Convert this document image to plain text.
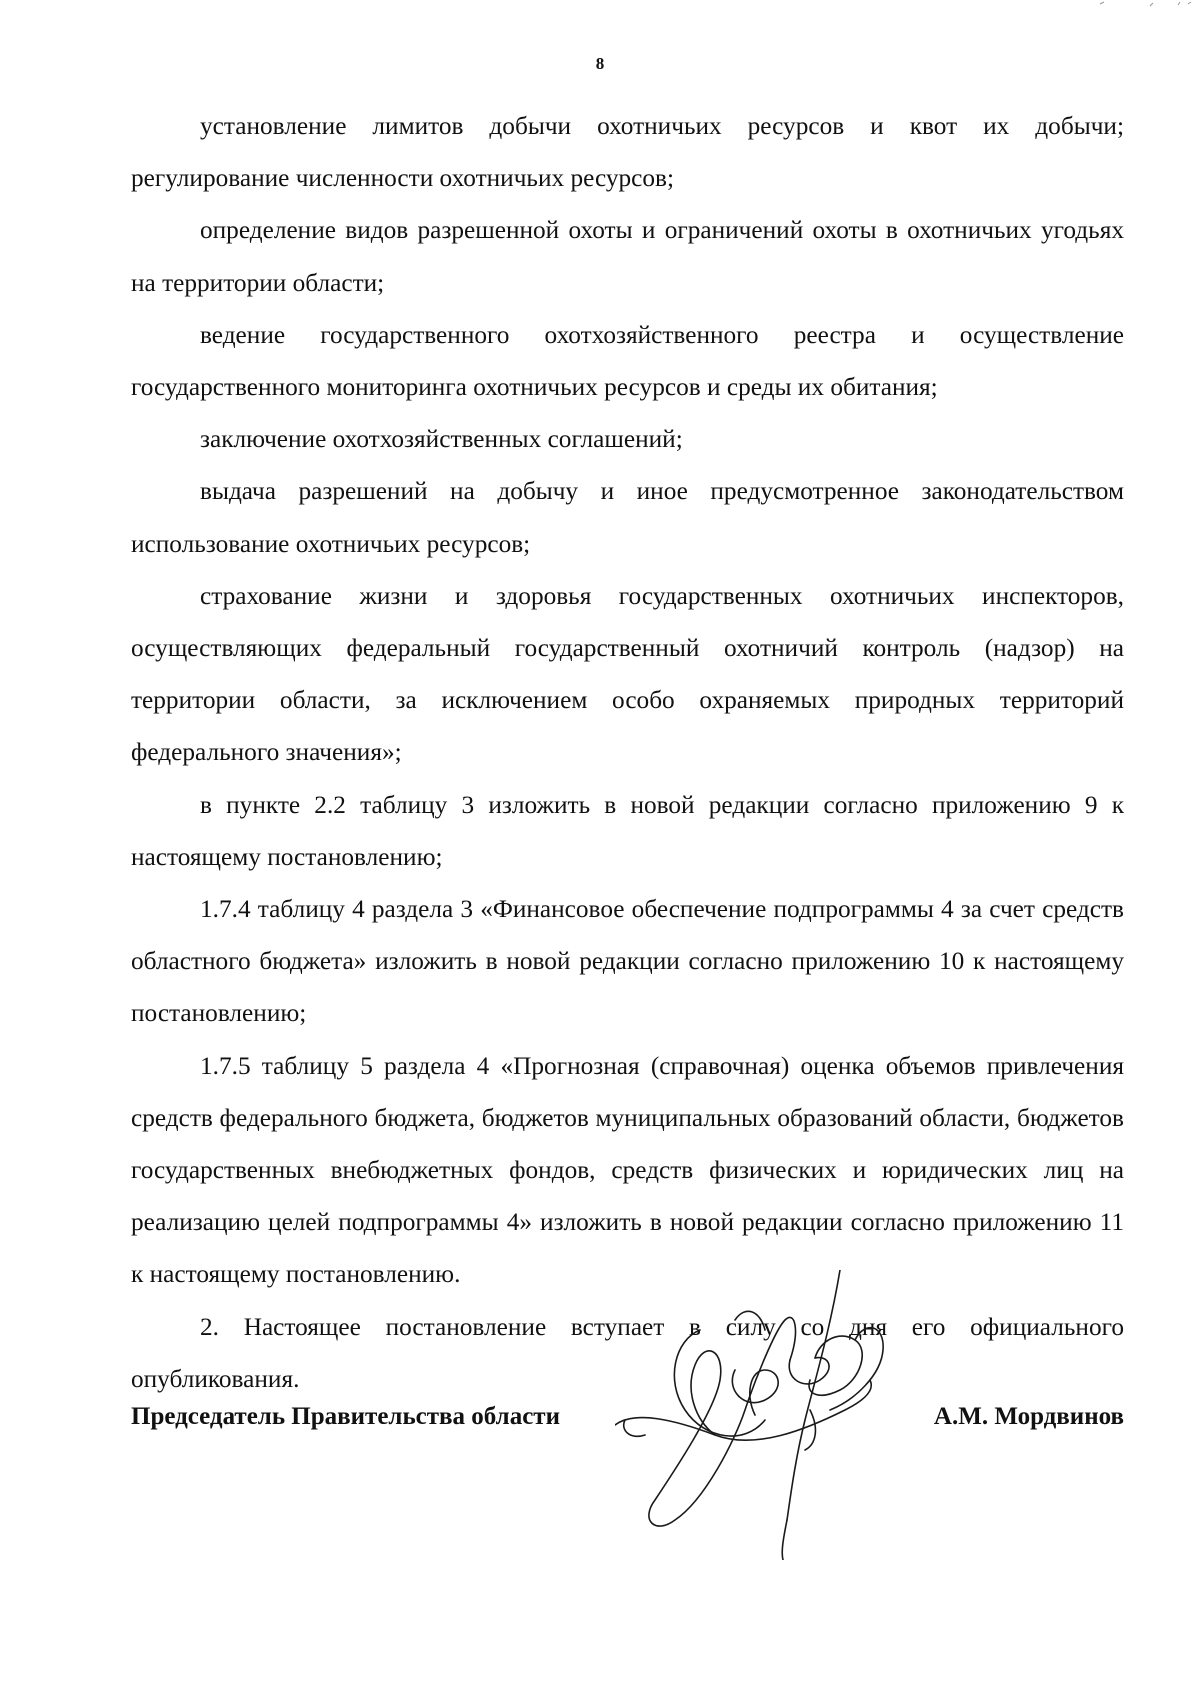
8

установление лимитов добычи охотничьих ресурсов и квот их добычи; регулирование численности охотничьих ресурсов;

определение видов разрешенной охоты и ограничений охоты в охотничьих угодьях на территории области;

ведение государственного охотхозяйственного реестра и осуществление государственного мониторинга охотничьих ресурсов и среды их обитания;

заключение охотхозяйственных соглашений;

выдача разрешений на добычу и иное предусмотренное законодательством использование охотничьих ресурсов;

страхование жизни и здоровья государственных охотничьих инспекторов, осуществляющих федеральный государственный охотничий контроль (надзор) на территории области, за исключением особо охраняемых природных территорий федерального значения»;

в пункте 2.2 таблицу 3 изложить в новой редакции согласно приложению 9 к настоящему постановлению;

1.7.4 таблицу 4 раздела 3 «Финансовое обеспечение подпрограммы 4 за счет средств областного бюджета» изложить в новой редакции согласно приложению 10 к настоящему постановлению;

1.7.5 таблицу 5 раздела 4 «Прогнозная (справочная) оценка объемов привлечения средств федерального бюджета, бюджетов муниципальных образований области, бюджетов государственных внебюджетных фондов, средств физических и юридических лиц на реализацию целей подпрограммы 4» изложить в новой редакции согласно приложению 11 к настоящему постановлению.

2. Настоящее постановление вступает в силу со дня его официального опубликования.

Председатель Правительства области	А.М. Мордвинов
